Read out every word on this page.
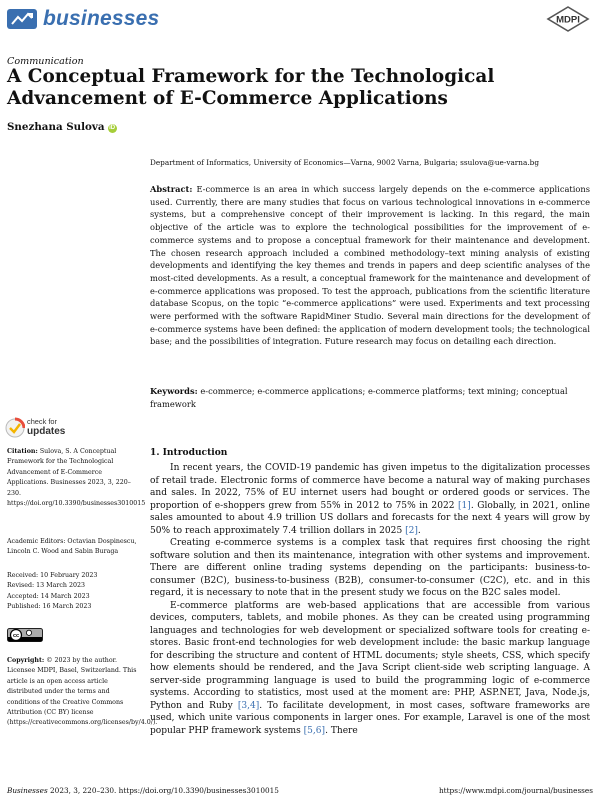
businesses	MDPI
Communication
A Conceptual Framework for the Technological Advancement of E-Commerce Applications
Snezhana Sulova iD
Department of Informatics, University of Economics—Varna, 9002 Varna, Bulgaria; ssulova@ue-varna.bg
Abstract: E-commerce is an area in which success largely depends on the e-commerce applications used. Currently, there are many studies that focus on various technological innovations in e-commerce systems, but a comprehensive concept of their improvement is lacking. In this regard, the main objective of the article was to explore the technological possibilities for the improvement of e-commerce systems and to propose a conceptual framework for their maintenance and development. The chosen research approach included a combined methodology–text mining analysis of existing developments and identifying the key themes and trends in papers and deep scientific analyses of the most-cited developments. As a result, a conceptual framework for the maintenance and development of e-commerce applications was proposed. To test the approach, publications from the scientific literature database Scopus, on the topic “e-commerce applications” were used. Experiments and text processing were performed with the software RapidMiner Studio. Several main directions for the development of e-commerce systems have been defined: the application of modern development tools; the technological base; and the possibilities of integration. Future research may focus on detailing each direction.
Keywords: e-commerce; e-commerce applications; e-commerce platforms; text mining; conceptual framework
check for
updates
Citation: Sulova, S. A Conceptual Framework for the Technological Advancement of E-Commerce Applications. Businesses 2023, 3, 220–230. https://doi.org/10.3390/businesses3010015
Academic Editors: Octavian Dospinescu, Lincoln C. Wood and Sabin Buraga
Received: 10 February 2023
Revised: 13 March 2023
Accepted: 14 March 2023
Published: 16 March 2023
cc
Copyright: © 2023 by the author. Licensee MDPI, Basel, Switzerland. This article is an open access article distributed under the terms and conditions of the Creative Commons Attribution (CC BY) license (https://creativecommons.org/licenses/by/4.0/).
1. Introduction

In recent years, the COVID-19 pandemic has given impetus to the digitalization processes of retail trade. Electronic forms of commerce have become a natural way of making purchases and sales. In 2022, 75% of EU internet users had bought or ordered goods or services. The proportion of e-shoppers grew from 55% in 2012 to 75% in 2022 [1]. Globally, in 2021, online sales amounted to about 4.9 trillion US dollars and forecasts for the next 4 years will grow by 50% to reach approximately 7.4 trillion dollars in 2025 [2].

Creating e-commerce systems is a complex task that requires first choosing the right software solution and then its maintenance, integration with other systems and improvement. There are different online trading systems depending on the participants: business-to-consumer (B2C), business-to-business (B2B), consumer-to-consumer (C2C), etc. and in this regard, it is necessary to note that in the present study we focus on the B2C sales model.

E-commerce platforms are web-based applications that are accessible from various devices, computers, tablets, and mobile phones. As they can be created using programming languages and technologies for web development or specialized software tools for creating e-stores. Basic front-end technologies for web development include: the basic markup language for describing the structure and content of HTML documents; style sheets, CSS, which specify how elements should be rendered, and the Java Script client-side web scripting language. A server-side programming language is used to build the programming logic of e-commerce systems. According to statistics, most used at the moment are: PHP, ASP.NET, Java, Node.js, Python and Ruby [3,4]. To facilitate development, in most cases, software frameworks are used, which unite various components in larger ones. For example, Laravel is one of the most popular PHP framework systems [5,6]. There

Businesses 2023, 3, 220–230. https://doi.org/10.3390/businesses3010015	https://www.mdpi.com/journal/businesses
